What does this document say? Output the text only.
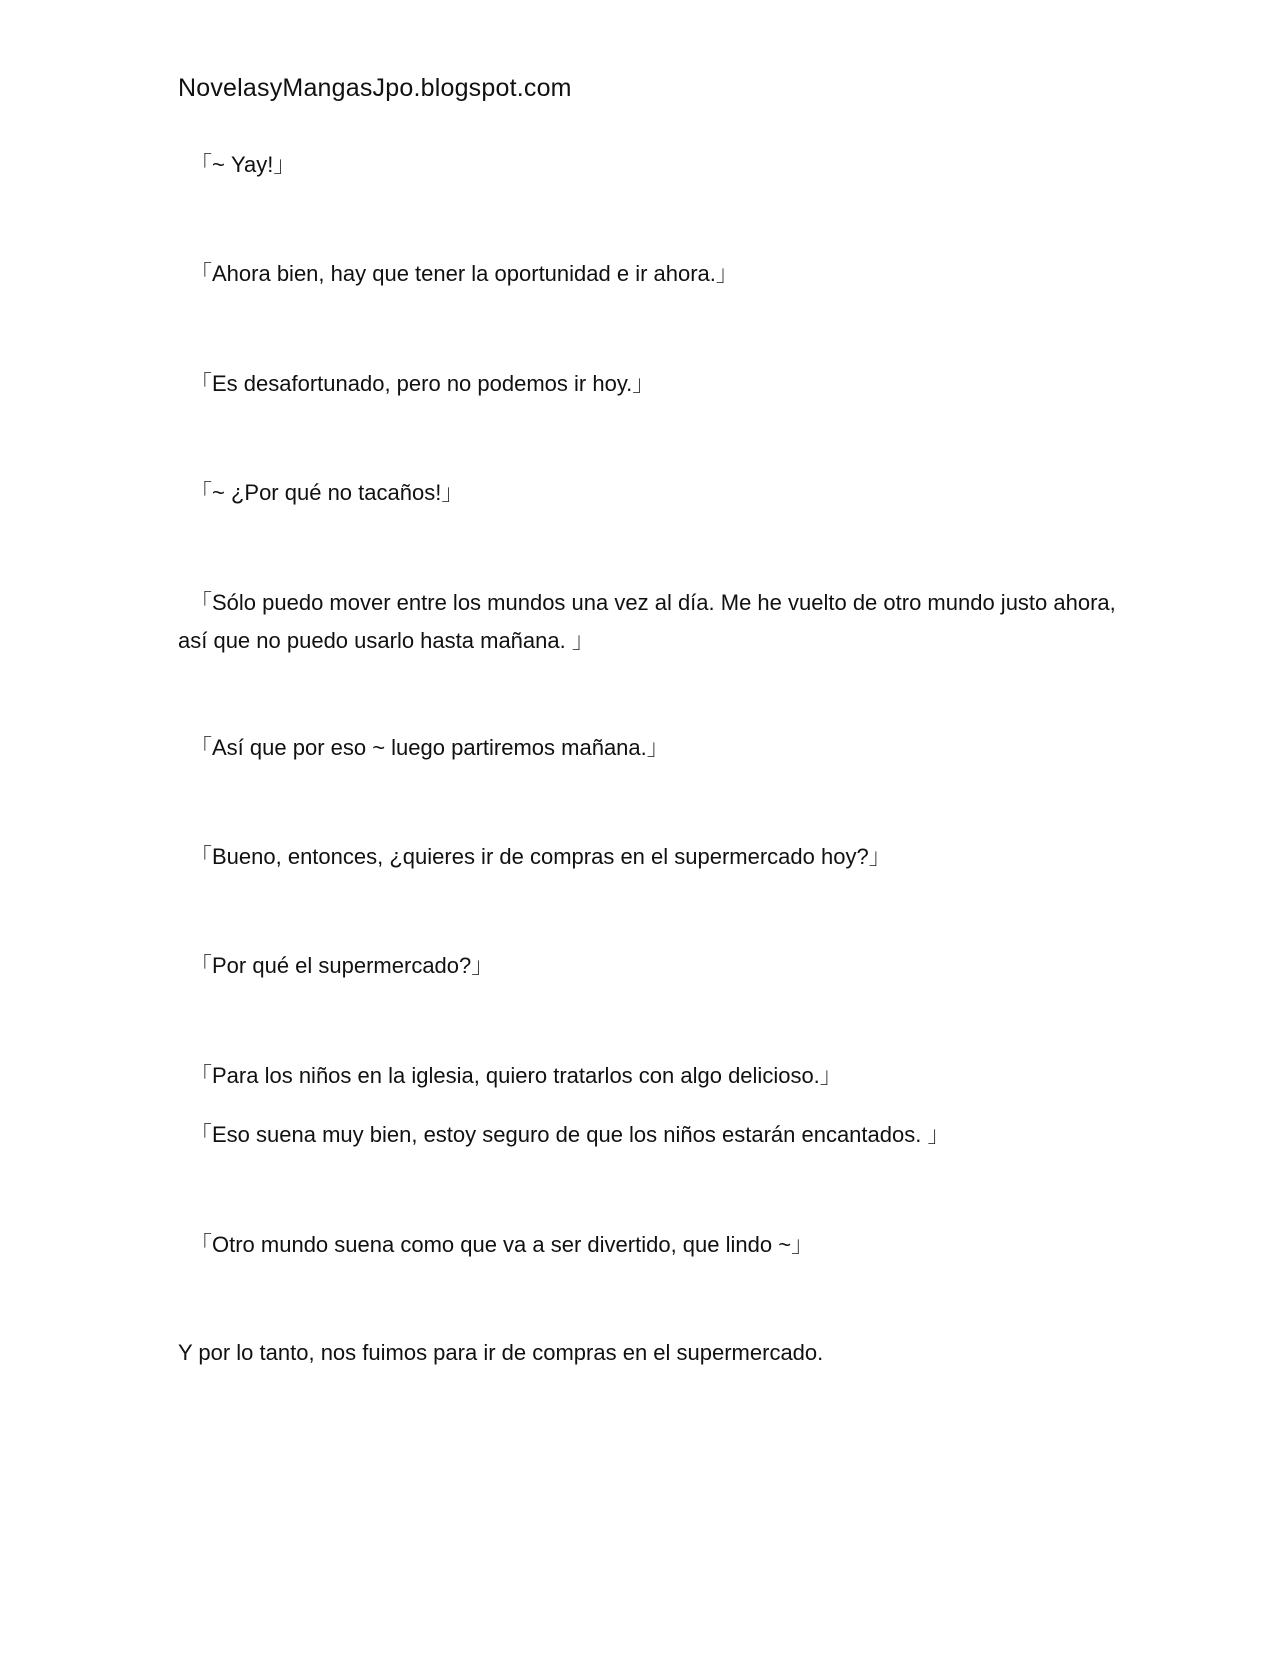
NovelasyMangasJpo.blogspot.com
「~ Yay!」
「Ahora bien, hay que tener la oportunidad e ir ahora.」
「Es desafortunado, pero no podemos ir hoy.」
「~ ¿Por qué no tacaños!」
「Sólo puedo mover entre los mundos una vez al día. Me he vuelto de otro mundo justo ahora, así que no puedo usarlo hasta mañana. 」
「Así que por eso ~ luego partiremos mañana.」
「Bueno, entonces, ¿quieres ir de compras en el supermercado hoy?」
「Por qué el supermercado?」
「Para los niños en la iglesia, quiero tratarlos con algo delicioso.」
「Eso suena muy bien, estoy seguro de que los niños estarán encantados. 」
「Otro mundo suena como que va a ser divertido, que lindo ~」
Y por lo tanto, nos fuimos para ir de compras en el supermercado.
